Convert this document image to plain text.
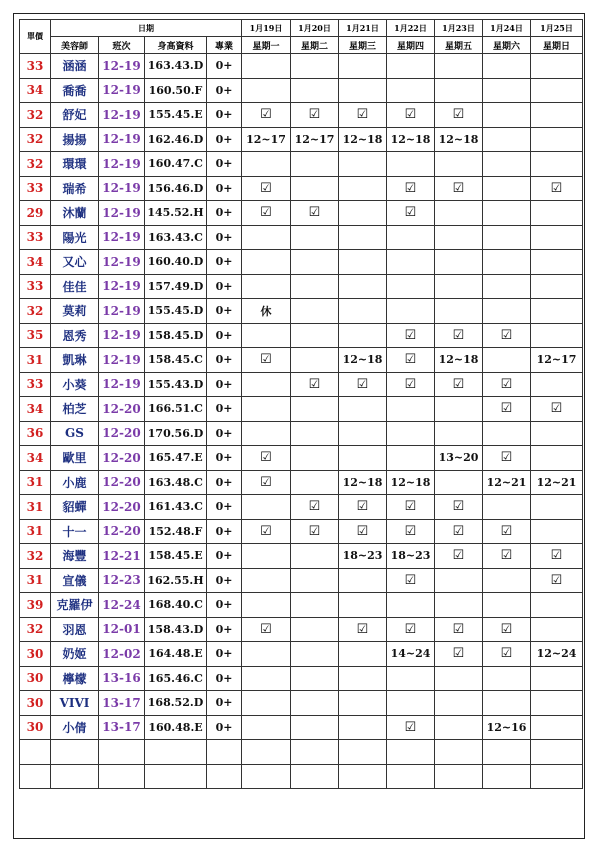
單價	日期				1月19日	1月20日	1月21日	1月22日	1月23日	1月24日	1月25日
	美容師	班次	身高資料	專業	星期一	星期二	星期三	星期四	星期五	星期六	星期日
33	涵涵	12-19	163.43.D	0+							
34	喬喬	12-19	160.50.F	0+							
32	舒妃	12-19	155.45.E	0+	☑	☑	☑	☑	☑		
32	揚揚	12-19	162.46.D	0+	12~17	12~17	12~18	12~18	12~18		
32	環環	12-19	160.47.C	0+							
33	瑞希	12-19	156.46.D	0+	☑			☑	☑		☑
29	沐蘭	12-19	145.52.H	0+	☑	☑		☑			
33	陽光	12-19	163.43.C	0+							
34	又心	12-19	160.40.D	0+							
33	佳佳	12-19	157.49.D	0+							
32	莫莉	12-19	155.45.D	0+	休						
35	恩秀	12-19	158.45.D	0+				☑	☑	☑	
31	凱琳	12-19	158.45.C	0+	☑		12~18	☑	12~18		12~17
33	小葵	12-19	155.43.D	0+		☑	☑	☑	☑	☑	
34	柏芝	12-20	166.51.C	0+						☑	☑
36	GS	12-20	170.56.D	0+							
34	歐里	12-20	165.47.E	0+	☑				13~20	☑	
31	小鹿	12-20	163.48.C	0+	☑		12~18	12~18		12~21	12~21
31	貂蟬	12-20	161.43.C	0+		☑	☑	☑	☑		
31	十一	12-20	152.48.F	0+	☑	☑	☑	☑	☑	☑	
32	海豐	12-21	158.45.E	0+			18~23	18~23	☑	☑	☑
31	宣儀	12-23	162.55.H	0+				☑			☑
39	克羅伊	12-24	168.40.C	0+							
32	羽恩	12-01	158.43.D	0+	☑		☑	☑	☑	☑	
30	奶姬	12-02	164.48.E	0+				14~24	☑	☑	12~24
30	檸檬	13-16	165.46.C	0+							
30	VIVI	13-17	168.52.D	0+							
30	小倩	13-17	160.48.E	0+				☑		12~16	
